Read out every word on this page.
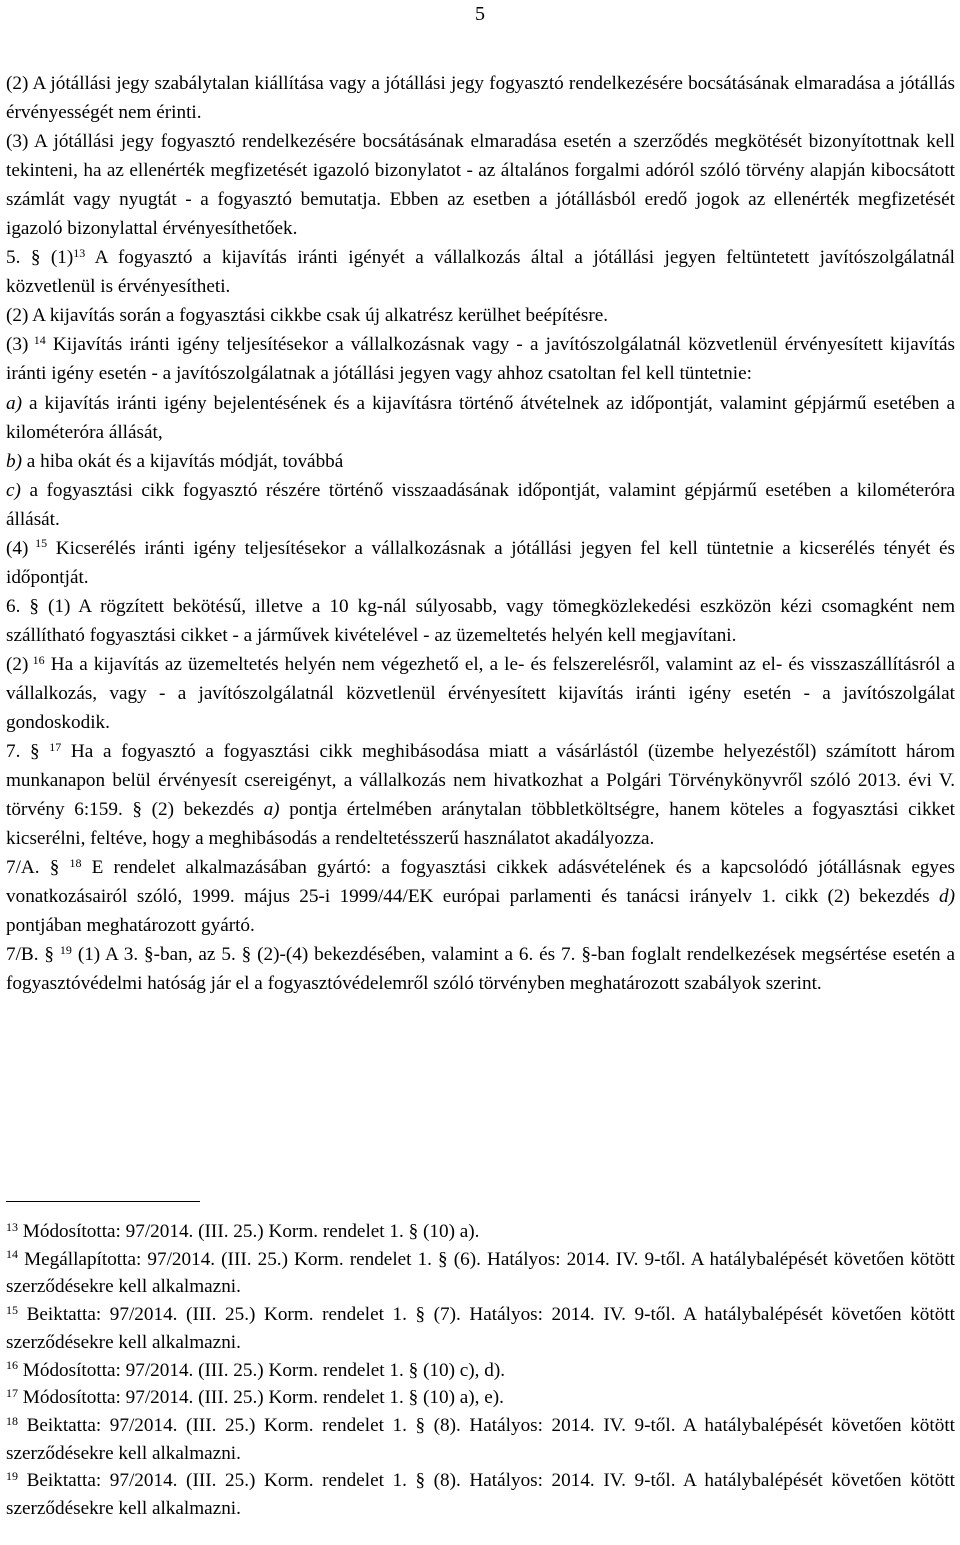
5

(2) A jótállási jegy szabálytalan kiállítása vagy a jótállási jegy fogyasztó rendelkezésére bocsátásának elmaradása a jótállás érvényességét nem érinti.

(3) A jótállási jegy fogyasztó rendelkezésére bocsátásának elmaradása esetén a szerződés megkötését bizonyítottnak kell tekinteni, ha az ellenérték megfizetését igazoló bizonylatot - az általános forgalmi adóról szóló törvény alapján kibocsátott számlát vagy nyugtát - a fogyasztó bemutatja. Ebben az esetben a jótállásból eredő jogok az ellenérték megfizetését igazoló bizonylattal érvényesíthetőek.

5. § $(1)^{13}$ A fogyasztó a kijavítás iránti igényét a vállalkozás által a jótállási jegyen feltüntetett javítószolgálatnál közvetlenül is érvényesítheti.

(2) A kijavítás során a fogyasztási cikkbe csak új alkatrész kerülhet beépítésre.

(3) $^{14}$ Kijavítás iránti igény teljesítésekor a vállalkozásnak vagy - a javítószolgálatnál közvetlenül érvényesített kijavítás iránti igény esetén - a javítószolgálatnak a jótállási jegyen vagy ahhoz csatoltan fel kell tüntetnie:

a) a kijavítás iránti igény bejelentésének és a kijavításra történő átvételnek az időpontját, valamint gépjármű esetében a kilométeróra állását,

b) a hiba okát és a kijavítás módját, továbbá

c) a fogyasztási cikk fogyasztó részére történő visszaadásának időpontját, valamint gépjármű esetében a kilométeróra állását.

(4) $^{15}$ Kicserélés iránti igény teljesítésekor a vállalkozásnak a jótállási jegyen fel kell tüntetnie a kicserélés tényét és időpontját.

6. § (1) A rögzített bekötésű, illetve a 10 kg-nál súlyosabb, vagy tömegközlekedési eszközön kézi csomagként nem szállítható fogyasztási cikket - a járművek kivételével - az üzemeltetés helyén kell megjavítani.

(2) $^{16}$ Ha a kijavítás az üzemeltetés helyén nem végezhető el, a le- és felszerelésről, valamint az el- és visszaszállításról a vállalkozás, vagy - a javítószolgálatnál közvetlenül érvényesített kijavítás iránti igény esetén - a javítószolgálat gondoskodik.

7. § $^{17}$ Ha a fogyasztó a fogyasztási cikk meghibásodása miatt a vásárlástól (üzembe helyezéstől) számított három munkanapon belül érvényesít csereigényt, a vállalkozás nem hivatkozhat a Polgári Törvénykönyvről szóló 2013. évi V. törvény 6:159. § (2) bekezdés a) pontja értelmében aránytalan többletköltségre, hanem köteles a fogyasztási cikket kicserélni, feltéve, hogy a meghibásodás a rendeltetésszerű használatot akadályozza.

7/A. § $^{18}$ E rendelet alkalmazásában gyártó: a fogyasztási cikkek adásvételének és a kapcsolódó jótállásnak egyes vonatkozásairól szóló, 1999. május 25-i 1999/44/EK európai parlamenti és tanácsi irányelv 1. cikk (2) bekezdés d) pontjában meghatározott gyártó.

7/B. § $^{19}$ (1) A 3. §-ban, az 5. § (2)-(4) bekezdésében, valamint a 6. és 7. §-ban foglalt rendelkezések megsértése esetén a fogyasztóvédelmi hatóság jár el a fogyasztóvédelemről szóló törvényben meghatározott szabályok szerint.

$^{13}$ Módosította: 97/2014. (III. 25.) Korm. rendelet 1. § (10) a).

$^{14}$ Megállapította: 97/2014. (III. 25.) Korm. rendelet 1. § (6). Hatályos: 2014. IV. 9-től. A hatálybalépését követően kötött szerződésekre kell alkalmazni.

$^{15}$ Beiktatta: 97/2014. (III. 25.) Korm. rendelet 1. § (7). Hatályos: 2014. IV. 9-től. A hatálybalépését követően kötött szerződésekre kell alkalmazni.

$^{16}$ Módosította: 97/2014. (III. 25.) Korm. rendelet 1. § (10) c), d).

$^{17}$ Módosította: 97/2014. (III. 25.) Korm. rendelet 1. § (10) a), e).

$^{18}$ Beiktatta: 97/2014. (III. 25.) Korm. rendelet 1. § (8). Hatályos: 2014. IV. 9-től. A hatálybalépését követően kötött szerződésekre kell alkalmazni.

$^{19}$ Beiktatta: 97/2014. (III. 25.) Korm. rendelet 1. § (8). Hatályos: 2014. IV. 9-től. A hatálybalépését követően kötött szerződésekre kell alkalmazni.
